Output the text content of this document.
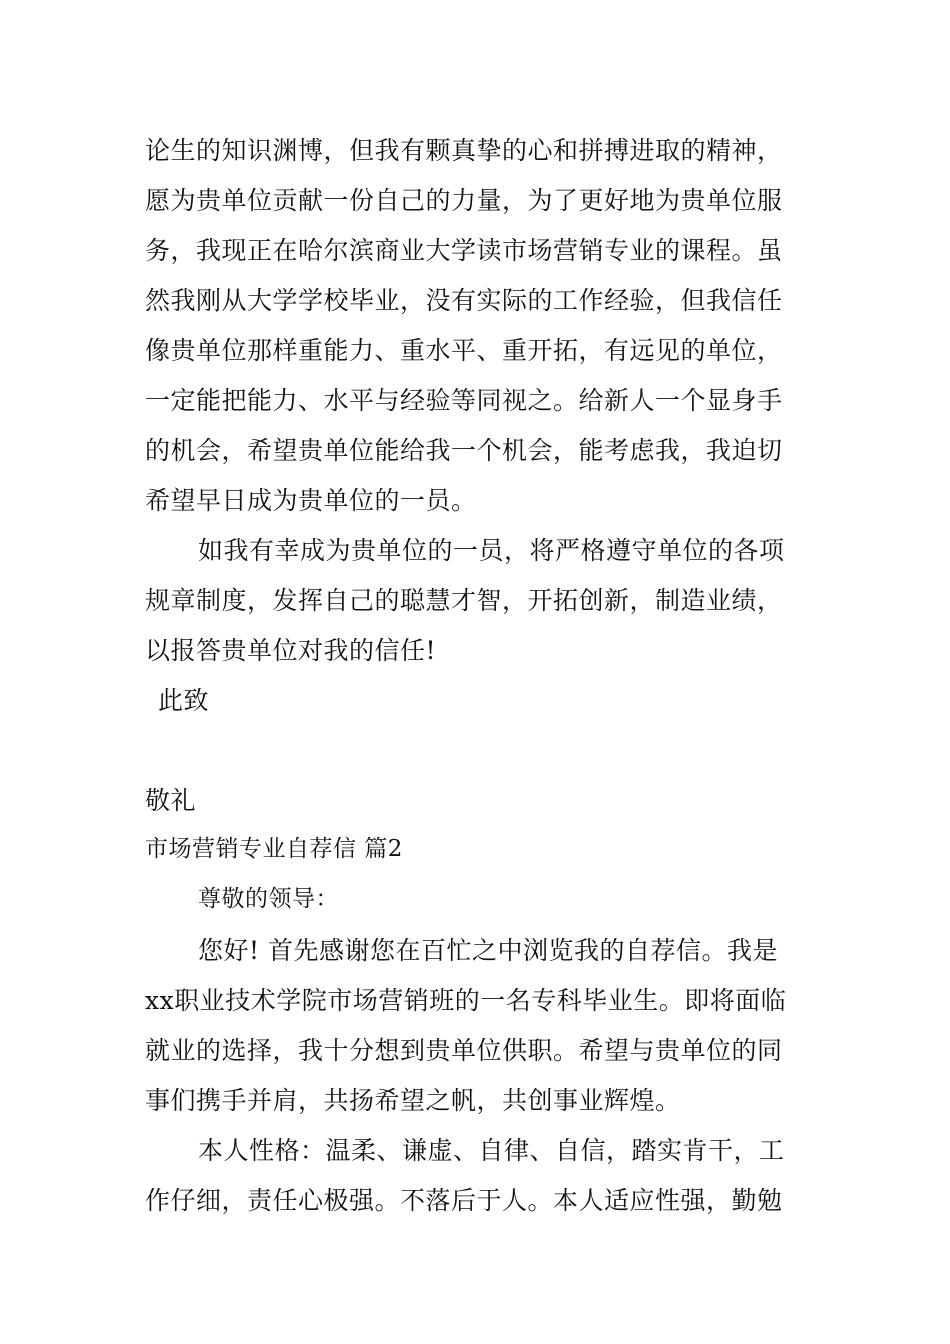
论生的知识渊博，但我有颗真挚的心和拼搏进取的精神，
愿为贵单位贡献一份自己的力量，为了更好地为贵单位服
务，我现正在哈尔滨商业大学读市场营销专业的课程。虽
然我刚从大学学校毕业，没有实际的工作经验，但我信任
像贵单位那样重能力、重水平、重开拓，有远见的单位，
一定能把能力、水平与经验等同视之。给新人一个显身手
的机会，希望贵单位能给我一个机会，能考虑我，我迫切
希望早日成为贵单位的一员。
如我有幸成为贵单位的一员，将严格遵守单位的各项
规章制度，发挥自己的聪慧才智，开拓创新，制造业绩，
以报答贵单位对我的信任!
此致
敬礼
市场营销专业自荐信 篇2
尊敬的领导：
您好! 首先感谢您在百忙之中浏览我的自荐信。我是
xx职业技术学院市场营销班的一名专科毕业生。即将面临
就业的选择，我十分想到贵单位供职。希望与贵单位的同
事们携手并肩，共扬希望之帆，共创事业辉煌。
本人性格：温柔、谦虚、自律、自信，踏实肯干，工
作仔细，责任心极强。不落后于人。本人适应性强，勤勉
